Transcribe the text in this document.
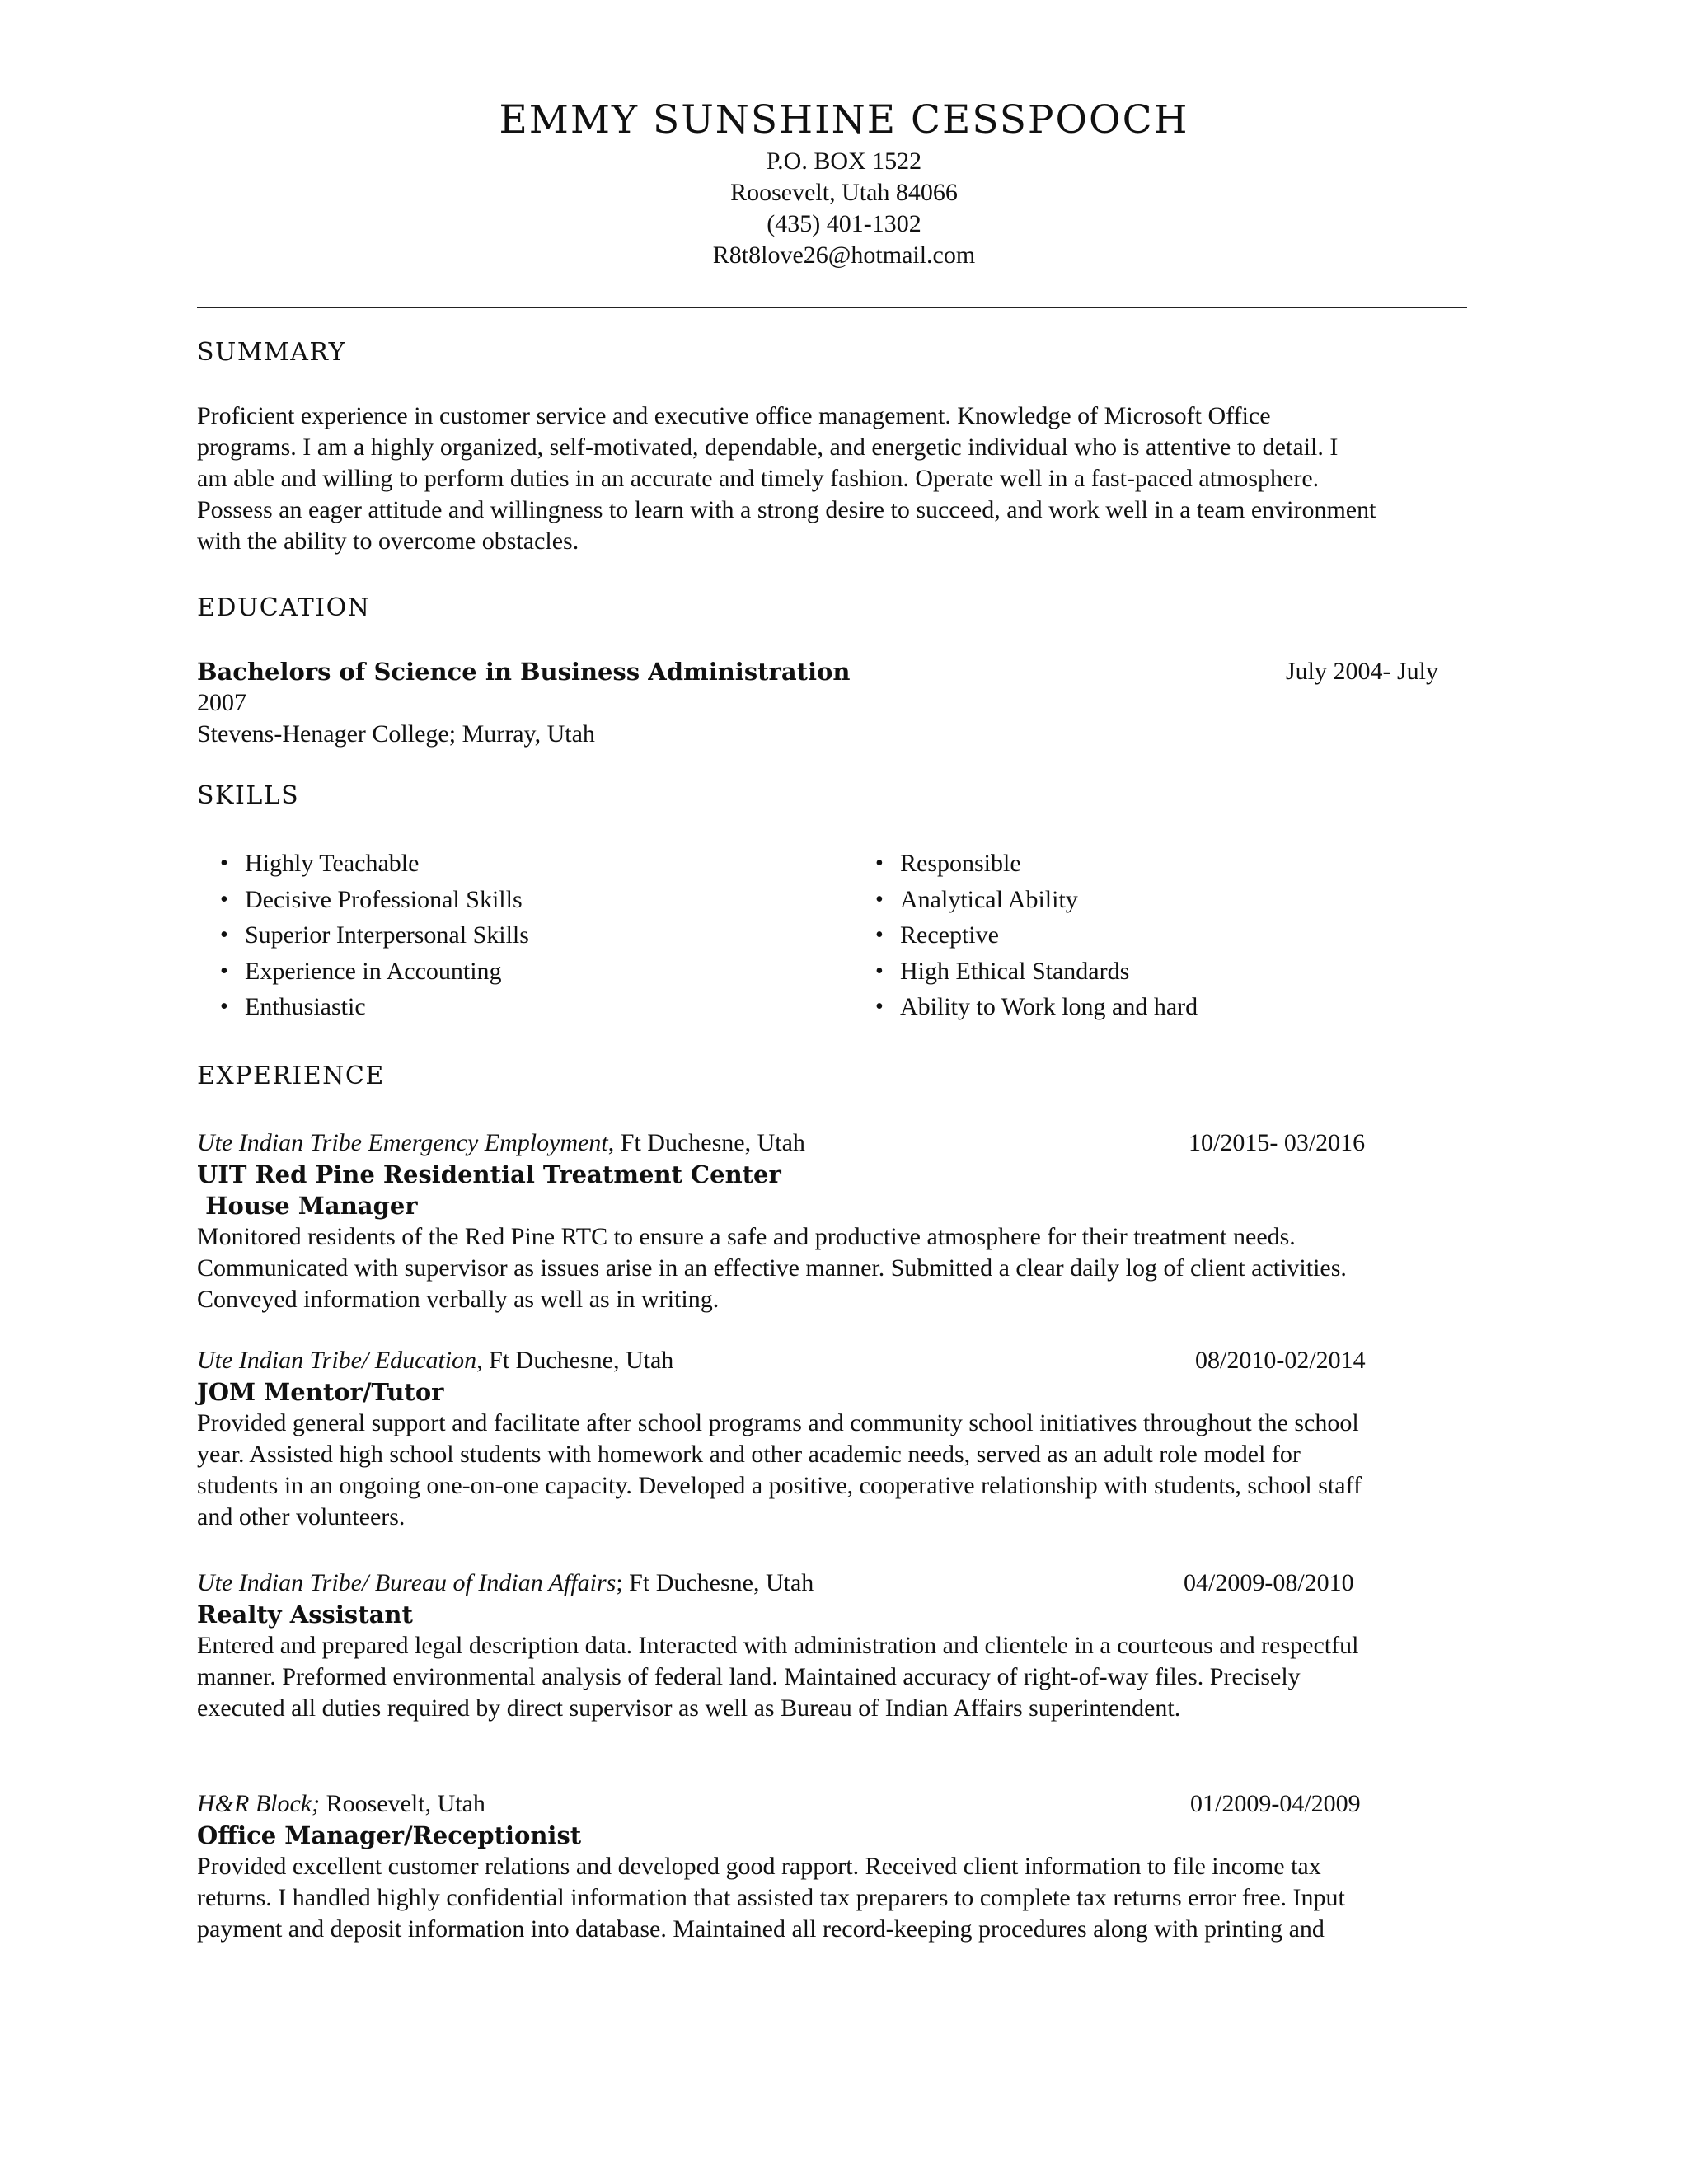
EMMY SUNSHINE CESSPOOCH

P.O. BOX 1522

Roosevelt, Utah 84066

(435) 401-1302

R8t8love26@hotmail.com

SUMMARY
Proficient experience in customer service and executive office management. Knowledge of Microsoft Office
programs. I am a highly organized, self-motivated, dependable, and energetic individual who is attentive to detail. I
am able and willing to perform duties in an accurate and timely fashion. Operate well in a fast-paced atmosphere.
Possess an eager attitude and willingness to learn with a strong desire to succeed, and work well in a team environment
with the ability to overcome obstacles.
EDUCATION
Bachelors of Science in Business Administration	July 2004- July
2007
Stevens-Henager College; Murray, Utah
SKILLS
• Highly Teachable
• Decisive Professional Skills
• Superior Interpersonal Skills
• Experience in Accounting
• Enthusiastic
• Responsible
• Analytical Ability
• Receptive
• High Ethical Standards
• Ability to Work long and hard
EXPERIENCE
Ute Indian Tribe Emergency Employment, Ft Duchesne, Utah	10/2015- 03/2016
UIT Red Pine Residential Treatment Center
House Manager
Monitored residents of the Red Pine RTC to ensure a safe and productive atmosphere for their treatment needs.
Communicated with supervisor as issues arise in an effective manner. Submitted a clear daily log of client activities.
Conveyed information verbally as well as in writing.
Ute Indian Tribe/ Education, Ft Duchesne, Utah	08/2010-02/2014
JOM Mentor/Tutor
Provided general support and facilitate after school programs and community school initiatives throughout the school
year. Assisted high school students with homework and other academic needs, served as an adult role model for
students in an ongoing one-on-one capacity. Developed a positive, cooperative relationship with students, school staff
and other volunteers.
Ute Indian Tribe/ Bureau of Indian Affairs; Ft Duchesne, Utah	04/2009-08/2010
Realty Assistant
Entered and prepared legal description data. Interacted with administration and clientele in a courteous and respectful
manner. Preformed environmental analysis of federal land. Maintained accuracy of right-of-way files. Precisely
executed all duties required by direct supervisor as well as Bureau of Indian Affairs superintendent.
H&R Block; Roosevelt, Utah	01/2009-04/2009
Office Manager/Receptionist
Provided excellent customer relations and developed good rapport. Received client information to file income tax
returns. I handled highly confidential information that assisted tax preparers to complete tax returns error free. Input
payment and deposit information into database. Maintained all record-keeping procedures along with printing and
